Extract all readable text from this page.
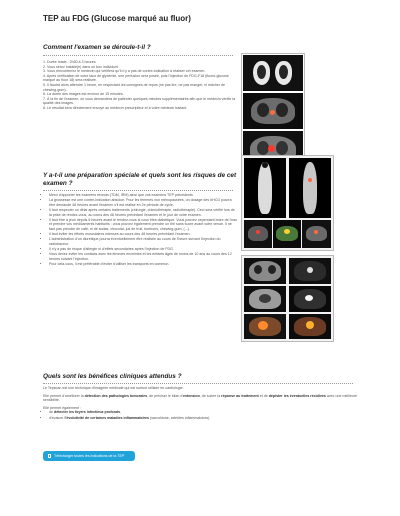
TEP au FDG (Glucose marqué au fluor)
Comment l'examen se déroule-t-il ?

1. Durée totale : 2h30 à 3 heures.

2. Vous serez installé(e) dans un box individuel.

3. Vous rencontrerez le médecin qui vérifiera qu'il n'y a pas de contre-indication à réaliser cet examen.

4. Après vérification de votre taux de glycémie, une perfusion sera posée, puis l'injection de FDG-F18 (fluoro-glucose marqué au fluor 18) sera réalisée.

5. Il faudra alors attendre 1 heure, en respectant les consignes de repos (ne pas lire, ne pas manger, ni mâcher de chewing-gum).

6. La durée des images est environ de 15 minutes.

7. À la fin de l'examen, on vous demandera de patienter quelques minutes supplémentaires afin que le médecin vérifie la qualité des images.

8. Le résultat sera directement envoyé au médecin prescripteur et à votre médecin traitant.

Y a-t-il une préparation spéciale et quels sont les risques de cet examen ?
• Merci d'apporter les examens récents (TDM, IRM) ainsi que vos examens TEP précédents.
• La grossesse est une contre-indication absolue. Pour les femmes non ménopausées, un dosage des bHCG pourra être demandé 48 heures avant l'examen s'il est réalisé en 2e période de cycle.
• Il faut respecter un délai après certains traitements (chirurgie, chimiothérapie, radiothérapie). Ceci sera vérifié lors de la prise de rendez-vous, au cours des 48 heures précédant l'examen et le jour de votre examen.
• Il faut être à jeun depuis 6 heures avant le rendez-vous si vous êtes diabétique. Vous pouvez cependant boire de l'eau et prendre vos médicaments habituels : vous pouvez également prendre un thé sans sucre avant votre venue. Il ne faut pas prendre de café, ni de sodas, chocolat, jus de fruit, bonbons, chewing-gum, (...).
• Il faut éviter les efforts musculaires intenses au cours des 48 heures précédant l'examen.
• L'administration d'un diurétique pourra éventuellement être réalisée au cours de l'heure suivant l'injection du radiotraceur.
• Il n'y a pas de risque d'allergie ni d'effets secondaires après l'injection de FDG.
• Vous devez éviter les contacts avec les femmes enceintes et les enfants âgés de moins de 10 ans au cours des 12 heures suivant l'injection.
• Pour cela-vous, il est préférable d'éviter d'utiliser les transports en commun.
Quels sont les bénéfices cliniques attendus ?

Le Tepscan est une technique d'imagerie médicale qui est surtout utilisée en cardiologie.

Elle permet d'améliorer la détection des pathologies tumorales, de préciser le bilan d'extension, de suivre la réponse au traitement et de dépister les éventuelles récidives avec une meilleure sensibilité.

Elle permet également :

• de détecter les foyers infectieux profonds,
• d'évaluer l'évolutivité de certaines maladies inflammatoires (sarcoïdose, artérites inflammatoires).
Télécharger toutes les indications de la TEP
